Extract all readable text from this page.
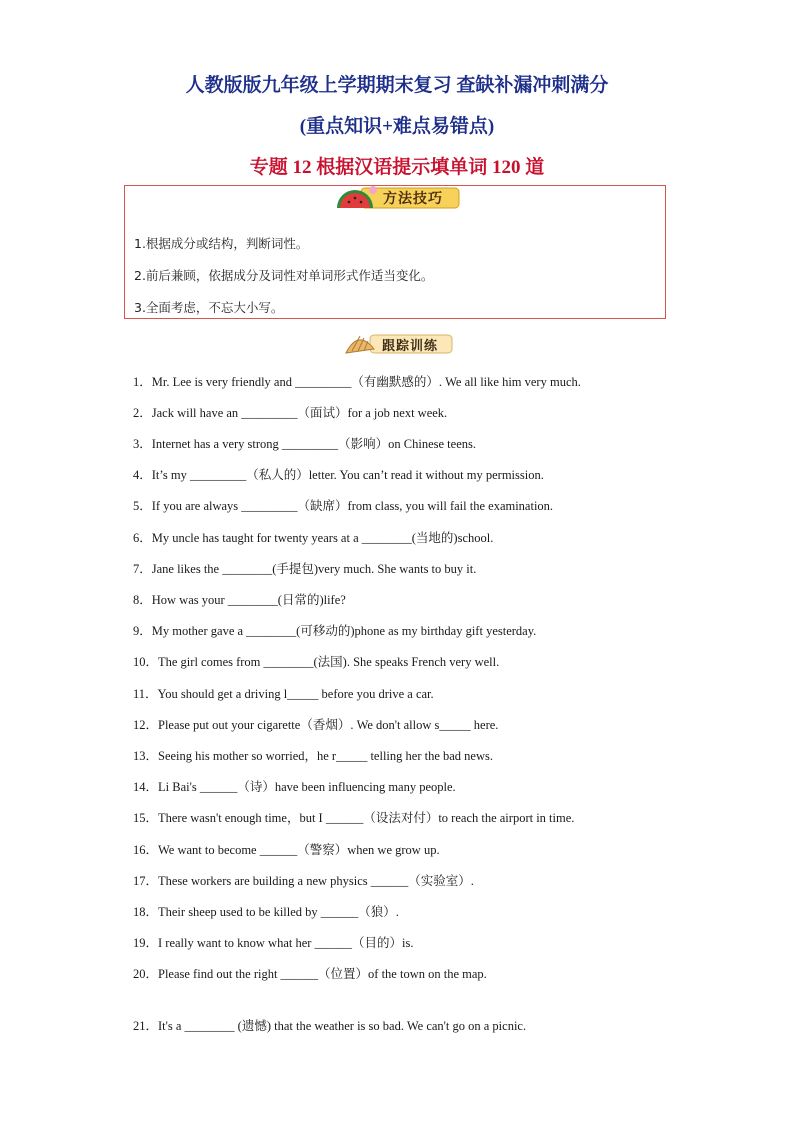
人教版版九年级上学期期末复习 查缺补漏冲刺满分
(重点知识+难点易错点)
专题 12 根据汉语提示填单词 120 道
方法技巧
1.根据成分或结构，判断词性。
2.前后兼顾，依据成分及词性对单词形式作适当变化。
3.全面考虑，不忘大小写。
跟踪训练
1．Mr. Lee is very friendly and _________（有幽默感的）. We all like him very much.
2．Jack will have an _________（面试）for a job next week.
3．Internet has a very strong _________（影响）on Chinese teens.
4．It’s my _________（私人的）letter. You can’t read it without my permission.
5．If you are always _________（缺席）from class, you will fail the examination.
6．My uncle has taught for twenty years at a ________(当地的)school.
7．Jane likes the ________(手提包)very much. She wants to buy it.
8．How was your ________(日常的)life?
9．My mother gave a ________(可移动的)phone as my birthday gift yesterday.
10．The girl comes from ________(法国). She speaks French very well.
11．You should get a driving l_____ before you drive a car.
12．Please put out your cigarette（香烟）. We don't allow s_____ here.
13．Seeing his mother so worried，he r_____ telling her the bad news.
14．Li Bai's ______（诗）have been influencing many people.
15．There wasn't enough time，but I ______（设法对付）to reach the airport in time.
16．We want to become ______（警察）when we grow up.
17．These workers are building a new physics ______（实验室）.
18．Their sheep used to be killed by ______（狼）.
19．I really want to know what her ______（目的）is.
20．Please find out the right ______（位置）of the town on the map.
21．It's a ________ (遗憾) that the weather is so bad. We can't go on a picnic.
